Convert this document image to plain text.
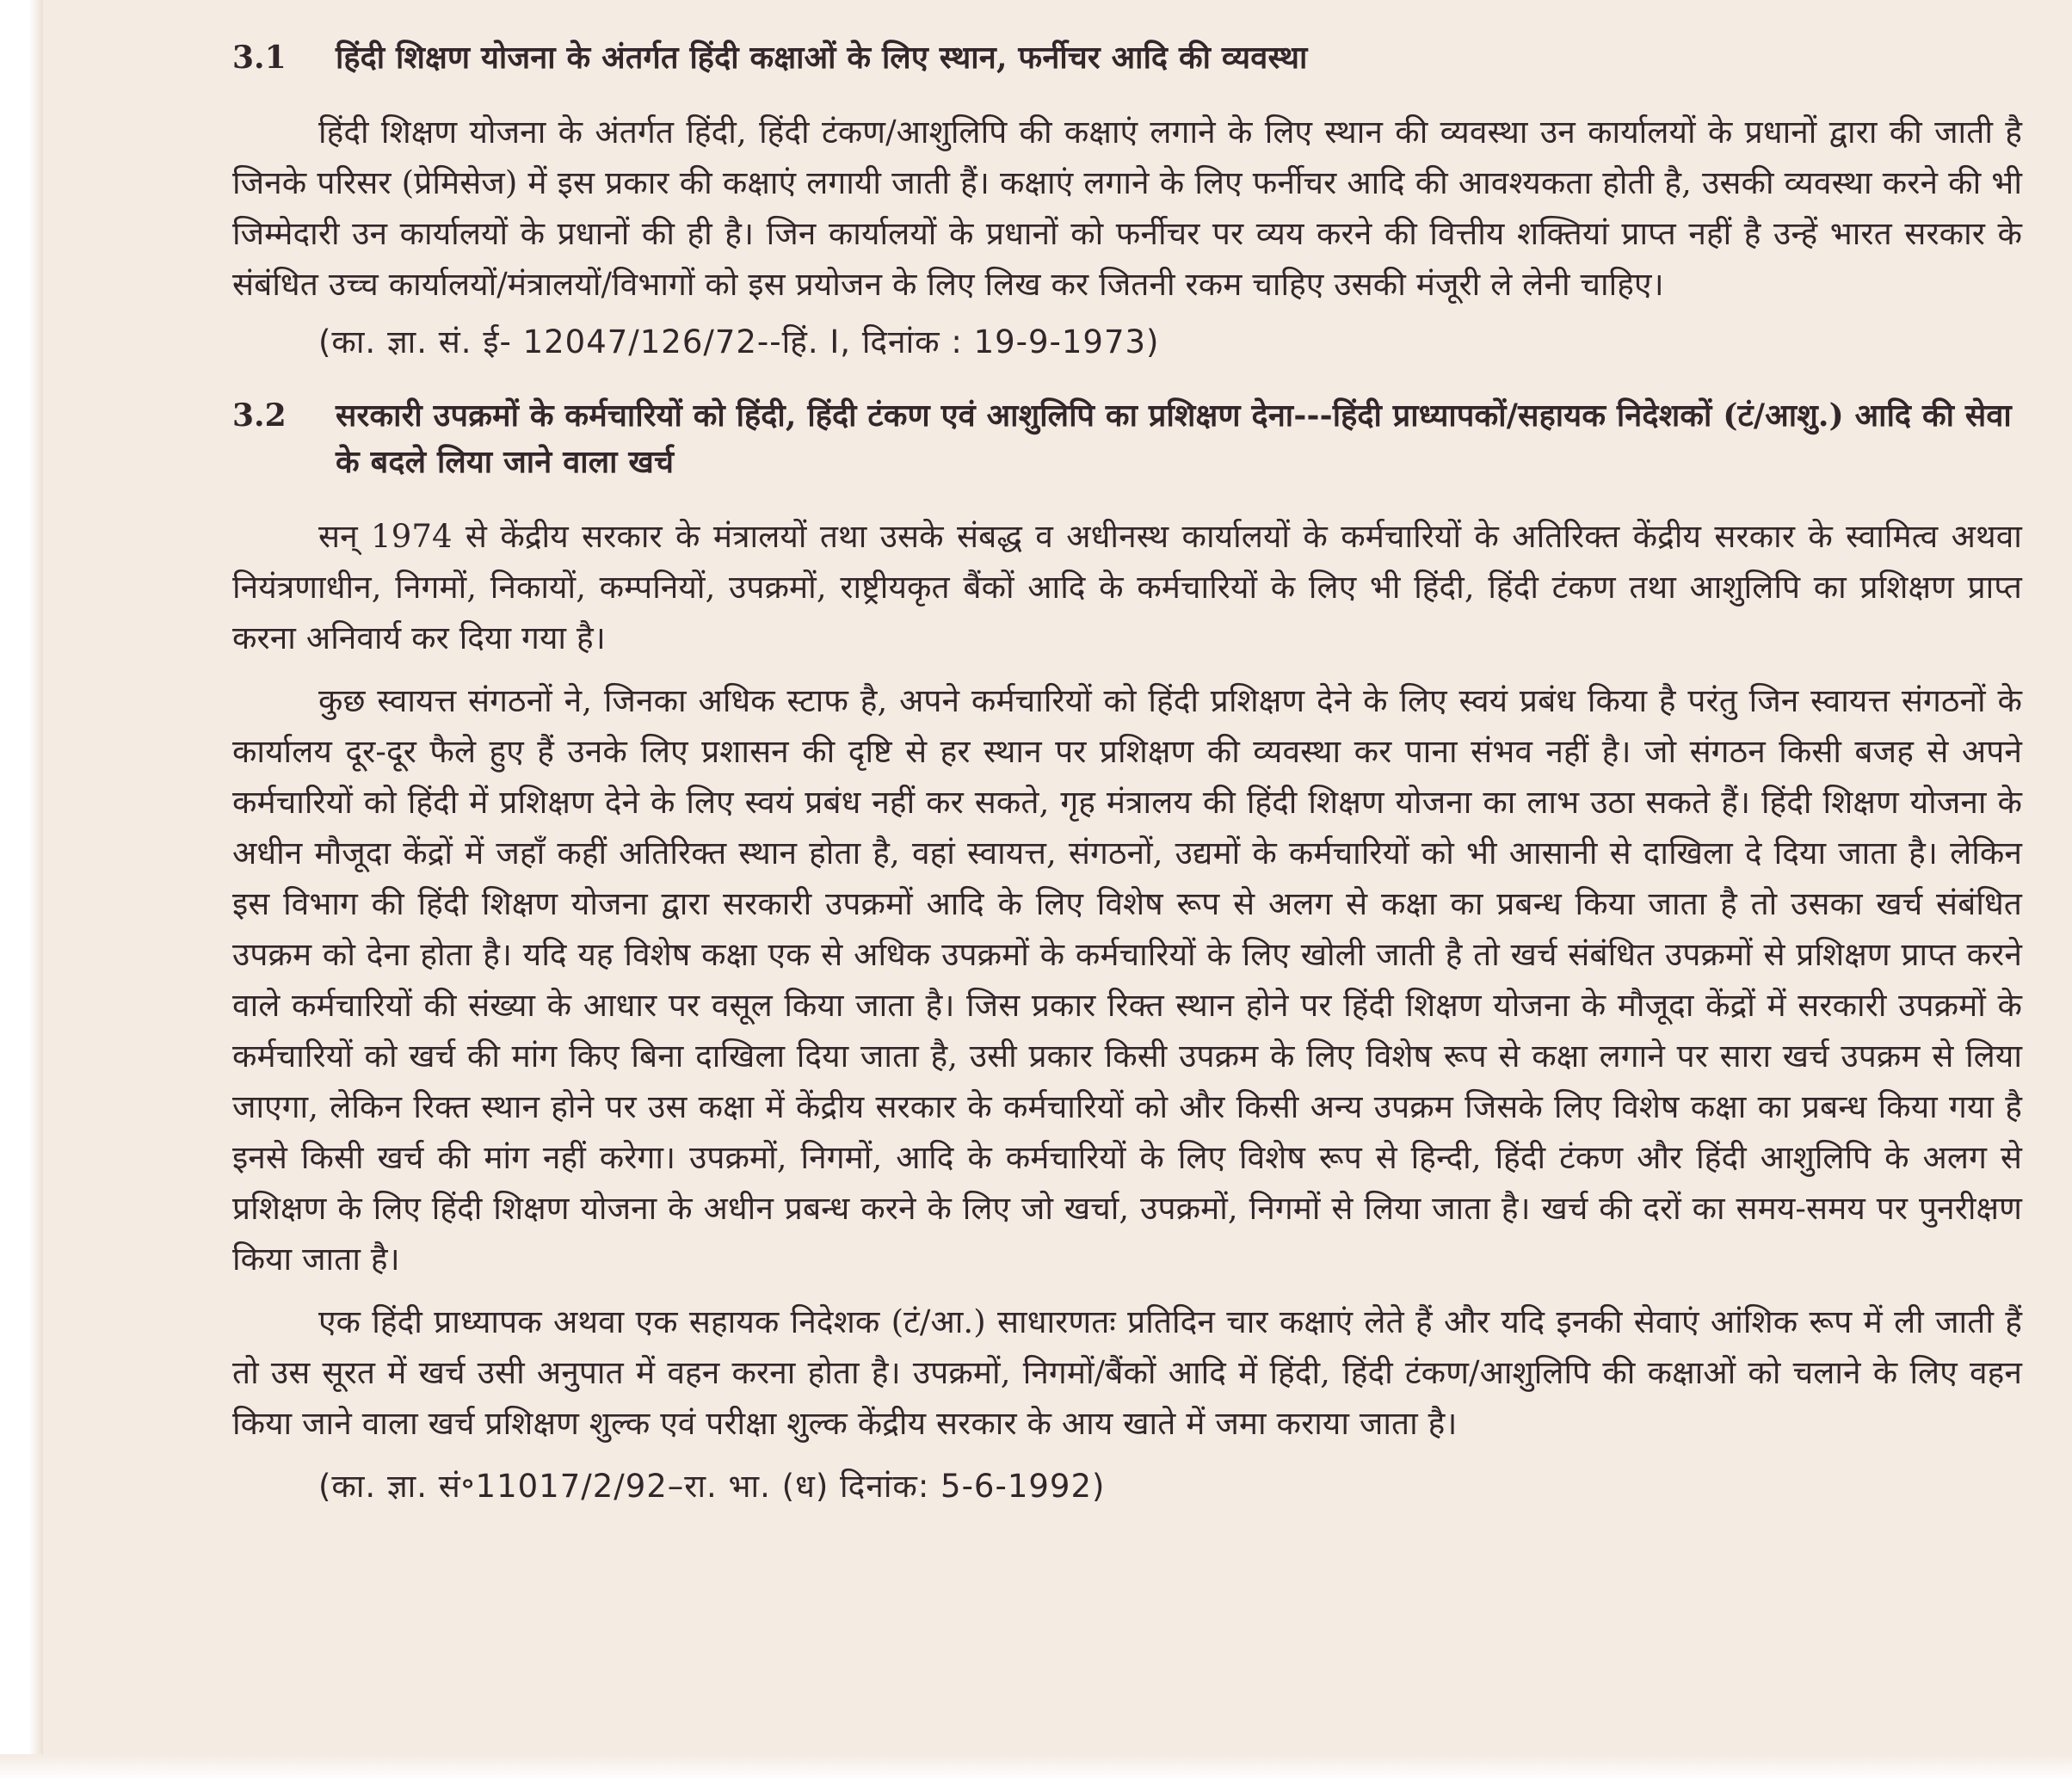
3.1	हिंदी शिक्षण योजना के अंतर्गत हिंदी कक्षाओं के लिए स्थान, फर्नीचर आदि की व्यवस्था

हिंदी शिक्षण योजना के अंतर्गत हिंदी, हिंदी टंकण/आशुलिपि की कक्षाएं लगाने के लिए स्थान की व्यवस्था उन कार्यालयों के प्रधानों द्वारा की जाती है जिनके परिसर (प्रेमिसेज) में इस प्रकार की कक्षाएं लगायी जाती हैं। कक्षाएं लगाने के लिए फर्नीचर आदि की आवश्यकता होती है, उसकी व्यवस्था करने की भी जिम्मेदारी उन कार्यालयों के प्रधानों की ही है। जिन कार्यालयों के प्रधानों को फर्नीचर पर व्यय करने की वित्तीय शक्तियां प्राप्त नहीं है उन्हें भारत सरकार के संबंधित उच्च कार्यालयों/मंत्रालयों/विभागों को इस प्रयोजन के लिए लिख कर जितनी रकम चाहिए उसकी मंजूरी ले लेनी चाहिए।

(का. ज्ञा. सं. ई- 12047/126/72--हिं. I, दिनांक : 19-9-1973)
3.2	सरकारी उपक्रमों के कर्मचारियों को हिंदी, हिंदी टंकण एवं आशुलिपि का प्रशिक्षण देना---हिंदी प्राध्यापकों/सहायक निदेशकों (टं/आशु.) आदि की सेवा के बदले लिया जाने वाला खर्च

सन् 1974 से केंद्रीय सरकार के मंत्रालयों तथा उसके संबद्ध व अधीनस्थ कार्यालयों के कर्मचारियों के अतिरिक्त केंद्रीय सरकार के स्वामित्व अथवा नियंत्रणाधीन, निगमों, निकायों, कम्पनियों, उपक्रमों, राष्ट्रीयकृत बैंकों आदि के कर्मचारियों के लिए भी हिंदी, हिंदी टंकण तथा आशुलिपि का प्रशिक्षण प्राप्त करना अनिवार्य कर दिया गया है।

कुछ स्वायत्त संगठनों ने, जिनका अधिक स्टाफ है, अपने कर्मचारियों को हिंदी प्रशिक्षण देने के लिए स्वयं प्रबंध किया है परंतु जिन स्वायत्त संगठनों के कार्यालय दूर-दूर फैले हुए हैं उनके लिए प्रशासन की दृष्टि से हर स्थान पर प्रशिक्षण की व्यवस्था कर पाना संभव नहीं है। जो संगठन किसी बजह से अपने कर्मचारियों को हिंदी में प्रशिक्षण देने के लिए स्वयं प्रबंध नहीं कर सकते, गृह मंत्रालय की हिंदी शिक्षण योजना का लाभ उठा सकते हैं। हिंदी शिक्षण योजना के अधीन मौजूदा केंद्रों में जहाँ कहीं अतिरिक्त स्थान होता है, वहां स्वायत्त, संगठनों, उद्यमों के कर्मचारियों को भी आसानी से दाखिला दे दिया जाता है। लेकिन इस विभाग की हिंदी शिक्षण योजना द्वारा सरकारी उपक्रमों आदि के लिए विशेष रूप से अलग से कक्षा का प्रबन्ध किया जाता है तो उसका खर्च संबंधित उपक्रम को देना होता है। यदि यह विशेष कक्षा एक से अधिक उपक्रमों के कर्मचारियों के लिए खोली जाती है तो खर्च संबंधित उपक्रमों से प्रशिक्षण प्राप्त करने वाले कर्मचारियों की संख्या के आधार पर वसूल किया जाता है। जिस प्रकार रिक्त स्थान होने पर हिंदी शिक्षण योजना के मौजूदा केंद्रों में सरकारी उपक्रमों के कर्मचारियों को खर्च की मांग किए बिना दाखिला दिया जाता है, उसी प्रकार किसी उपक्रम के लिए विशेष रूप से कक्षा लगाने पर सारा खर्च उपक्रम से लिया जाएगा, लेकिन रिक्त स्थान होने पर उस कक्षा में केंद्रीय सरकार के कर्मचारियों को और किसी अन्य उपक्रम जिसके लिए विशेष कक्षा का प्रबन्ध किया गया है इनसे किसी खर्च की मांग नहीं करेगा। उपक्रमों, निगमों, आदि के कर्मचारियों के लिए विशेष रूप से हिन्दी, हिंदी टंकण और हिंदी आशुलिपि के अलग से प्रशिक्षण के लिए हिंदी शिक्षण योजना के अधीन प्रबन्ध करने के लिए जो खर्चा, उपक्रमों, निगमों से लिया जाता है। खर्च की दरों का समय-समय पर पुनरीक्षण किया जाता है।

एक हिंदी प्राध्यापक अथवा एक सहायक निदेशक (टं/आ.) साधारणतः प्रतिदिन चार कक्षाएं लेते हैं और यदि इनकी सेवाएं आंशिक रूप में ली जाती हैं तो उस सूरत में खर्च उसी अनुपात में वहन करना होता है। उपक्रमों, निगमों/बैंकों आदि में हिंदी, हिंदी टंकण/आशुलिपि की कक्षाओं को चलाने के लिए वहन किया जाने वाला खर्च प्रशिक्षण शुल्क एवं परीक्षा शुल्क केंद्रीय सरकार के आय खाते में जमा कराया जाता है।

(का. ज्ञा. सं॰11017/2/92–रा. भा. (ध) दिनांक: 5-6-1992)
